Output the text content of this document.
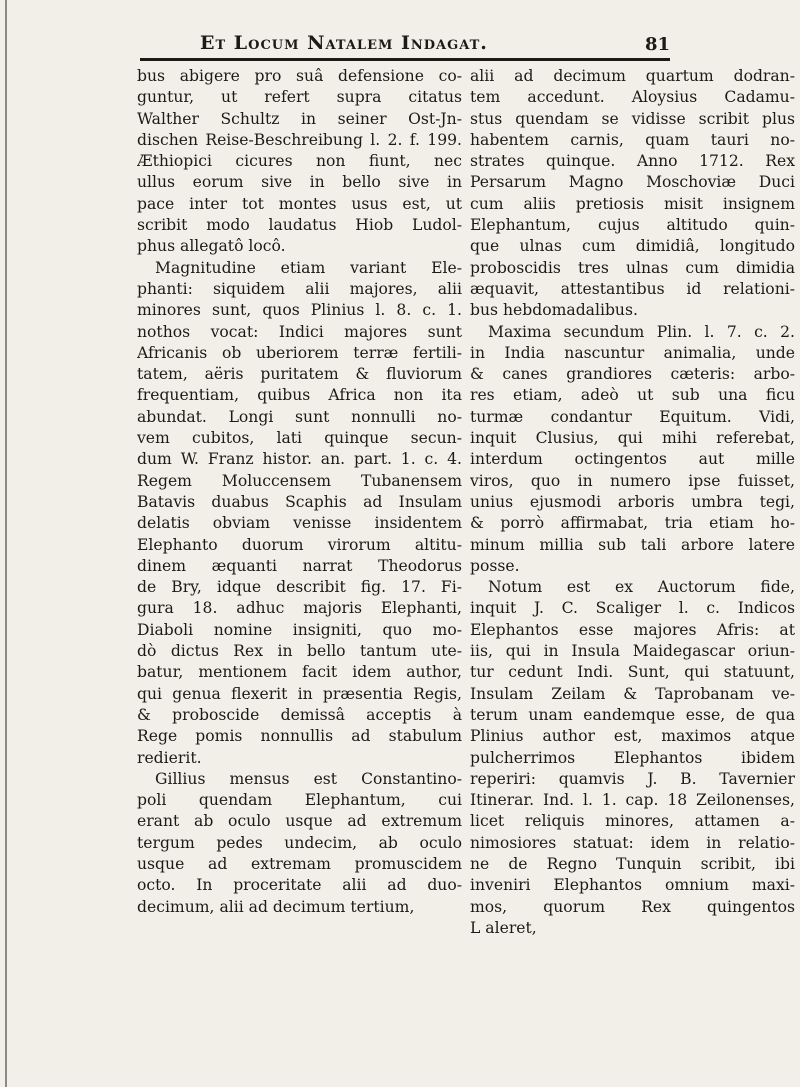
Et Locum Natalem Indagat.	81
bus abigere pro suâ defensione co-
guntur, ut refert supra citatus
Walther Schultz in seiner Ost-Jn-
dischen Reise-Beschreibung l. 2. f. 199.
Æthiopici cicures non fiunt, nec
ullus eorum sive in bello sive in
pace inter tot montes usus est, ut
scribit modo laudatus Hiob Ludol-
phus allegatô locô.
Magnitudine etiam variant Ele-
phanti: siquidem alii majores, alii
minores sunt, quos Plinius l. 8. c. 1.
nothos vocat: Indici majores sunt
Africanis ob uberiorem terræ fertili-
tatem, aëris puritatem & fluviorum
frequentiam, quibus Africa non ita
abundat. Longi sunt nonnulli no-
vem cubitos, lati quinque secun-
dum W. Franz histor. an. part. 1. c. 4.
Regem Moluccensem Tubanensem
Batavis duabus Scaphis ad Insulam
delatis obviam venisse insidentem
Elephanto duorum virorum altitu-
dinem æquanti narrat Theodorus
de Bry, idque describit fig. 17. Fi-
gura 18. adhuc majoris Elephanti,
Diaboli nomine insigniti, quo mo-
dò dictus Rex in bello tantum ute-
batur, mentionem facit idem author,
qui genua flexerit in præsentia Regis,
& proboscide demissâ acceptis à
Rege pomis nonnullis ad stabulum
redierit.
Gillius mensus est Constantino-
poli quendam Elephantum, cui
erant ab oculo usque ad extremum
tergum pedes undecim, ab oculo
usque ad extremam promuscidem
octo. In proceritate alii ad duo-
decimum, alii ad decimum tertium,
alii ad decimum quartum dodran-
tem accedunt. Aloysius Cadamu-
stus quendam se vidisse scribit plus
habentem carnis, quam tauri no-
strates quinque. Anno 1712. Rex
Persarum Magno Moschoviæ Duci
cum aliis pretiosis misit insignem
Elephantum, cujus altitudo quin-
que ulnas cum dimidiâ, longitudo
proboscidis tres ulnas cum dimidia
æquavit, attestantibus id relationi-
bus hebdomadalibus.
Maxima secundum Plin. l. 7. c. 2.
in India nascuntur animalia, unde
& canes grandiores cæteris: arbo-
res etiam, adeò ut sub una ficu
turmæ condantur Equitum. Vidi,
inquit Clusius, qui mihi referebat,
interdum octingentos aut mille
viros, quo in numero ipse fuisset,
unius ejusmodi arboris umbra tegi,
& porrò affirmabat, tria etiam ho-
minum millia sub tali arbore latere
posse.
Notum est ex Auctorum fide,
inquit J. C. Scaliger l. c. Indicos
Elephantos esse majores Afris: at
iis, qui in Insula Maidegascar oriun-
tur cedunt Indi. Sunt, qui statuunt,
Insulam Zeilam & Taprobanam ve-
terum unam eandemque esse, de qua
Plinius author est, maximos atque
pulcherrimos Elephantos ibidem
reperiri: quamvis J. B. Tavernier
Itinerar. Ind. l. 1. cap. 18 Zeilonenses,
licet reliquis minores, attamen a-
nimosiores statuat: idem in relatio-
ne de Regno Tunquin scribit, ibi
inveniri Elephantos omnium maxi-
mos, quorum Rex quingentos
L aleret,
